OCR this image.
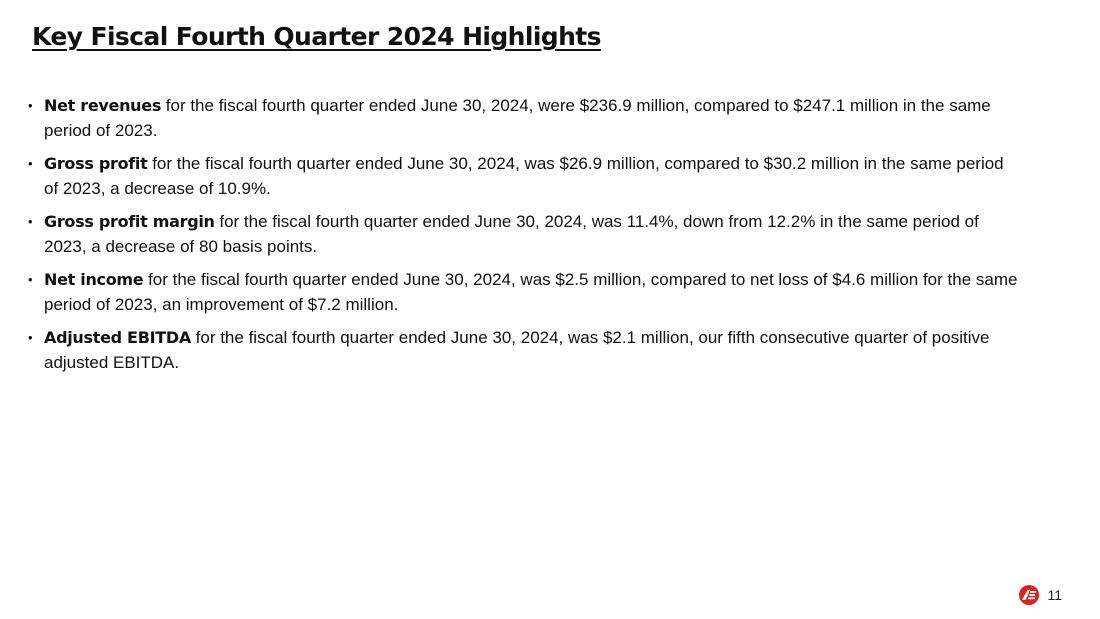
Key Fiscal Fourth Quarter 2024 Highlights
• Net revenues for the fiscal fourth quarter ended June 30, 2024, were $236.9 million, compared to $247.1 million in the same period of 2023.
• Gross profit for the fiscal fourth quarter ended June 30, 2024, was $26.9 million, compared to $30.2 million in the same period of 2023, a decrease of 10.9%.
• Gross profit margin for the fiscal fourth quarter ended June 30, 2024, was 11.4%, down from 12.2% in the same period of 2023, a decrease of 80 basis points.
• Net income for the fiscal fourth quarter ended June 30, 2024, was $2.5 million, compared to net loss of $4.6 million for the same period of 2023, an improvement of $7.2 million.
• Adjusted EBITDA for the fiscal fourth quarter ended June 30, 2024, was $2.1 million, our fifth consecutive quarter of positive adjusted EBITDA.
11
